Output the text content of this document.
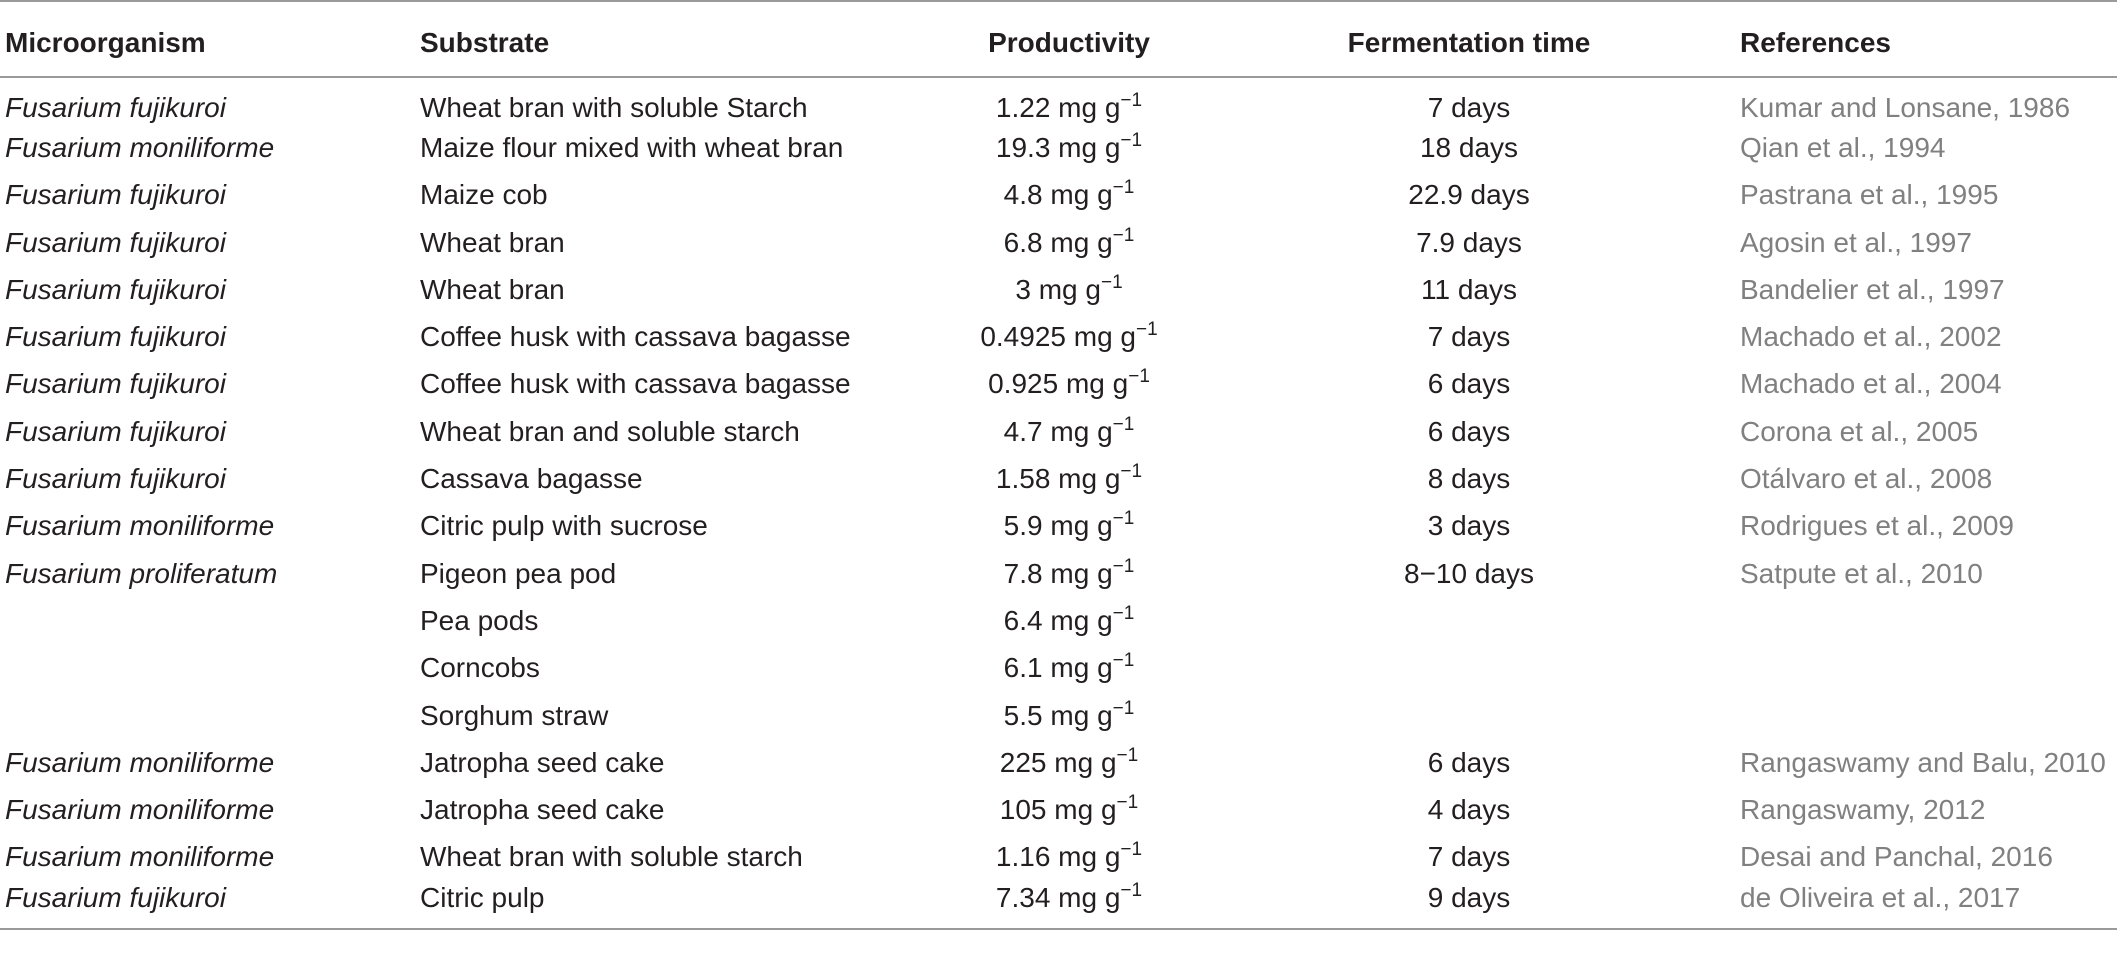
Microorganism	Substrate	Productivity	Fermentation time	References
Fusarium fujikuroi	Wheat bran with soluble Starch	1.22 mg $g^{-1}$	7 days	Kumar and Lonsane, 1986
Fusarium moniliforme	Maize flour mixed with wheat bran	19.3 mg $g^{-1}$	18 days	Qian et al., 1994
Fusarium fujikuroi	Maize cob	4.8 mg $g^{-1}$	22.9 days	Pastrana et al., 1995
Fusarium fujikuroi	Wheat bran	6.8 mg $g^{-1}$	7.9 days	Agosin et al., 1997
Fusarium fujikuroi	Wheat bran	3 mg $g^{-1}$	11 days	Bandelier et al., 1997
Fusarium fujikuroi	Coffee husk with cassava bagasse	0.4925 mg $g^{-1}$	7 days	Machado et al., 2002
Fusarium fujikuroi	Coffee husk with cassava bagasse	0.925 mg $g^{-1}$	6 days	Machado et al., 2004
Fusarium fujikuroi	Wheat bran and soluble starch	4.7 mg $g^{-1}$	6 days	Corona et al., 2005
Fusarium fujikuroi	Cassava bagasse	1.58 mg $g^{-1}$	8 days	Otálvaro et al., 2008
Fusarium moniliforme	Citric pulp with sucrose	5.9 mg $g^{-1}$	3 days	Rodrigues et al., 2009
Fusarium proliferatum	Pigeon pea pod	7.8 mg $g^{-1}$	8−10 days	Satpute et al., 2010
	Pea pods	6.4 mg $g^{-1}$		
	Corncobs	6.1 mg $g^{-1}$		
	Sorghum straw	5.5 mg $g^{-1}$		
Fusarium moniliforme	Jatropha seed cake	225 mg $g^{-1}$	6 days	Rangaswamy and Balu, 2010
Fusarium moniliforme	Jatropha seed cake	105 mg $g^{-1}$	4 days	Rangaswamy, 2012
Fusarium moniliforme	Wheat bran with soluble starch	1.16 mg $g^{-1}$	7 days	Desai and Panchal, 2016
Fusarium fujikuroi	Citric pulp	7.34 mg $g^{-1}$	9 days	de Oliveira et al., 2017
